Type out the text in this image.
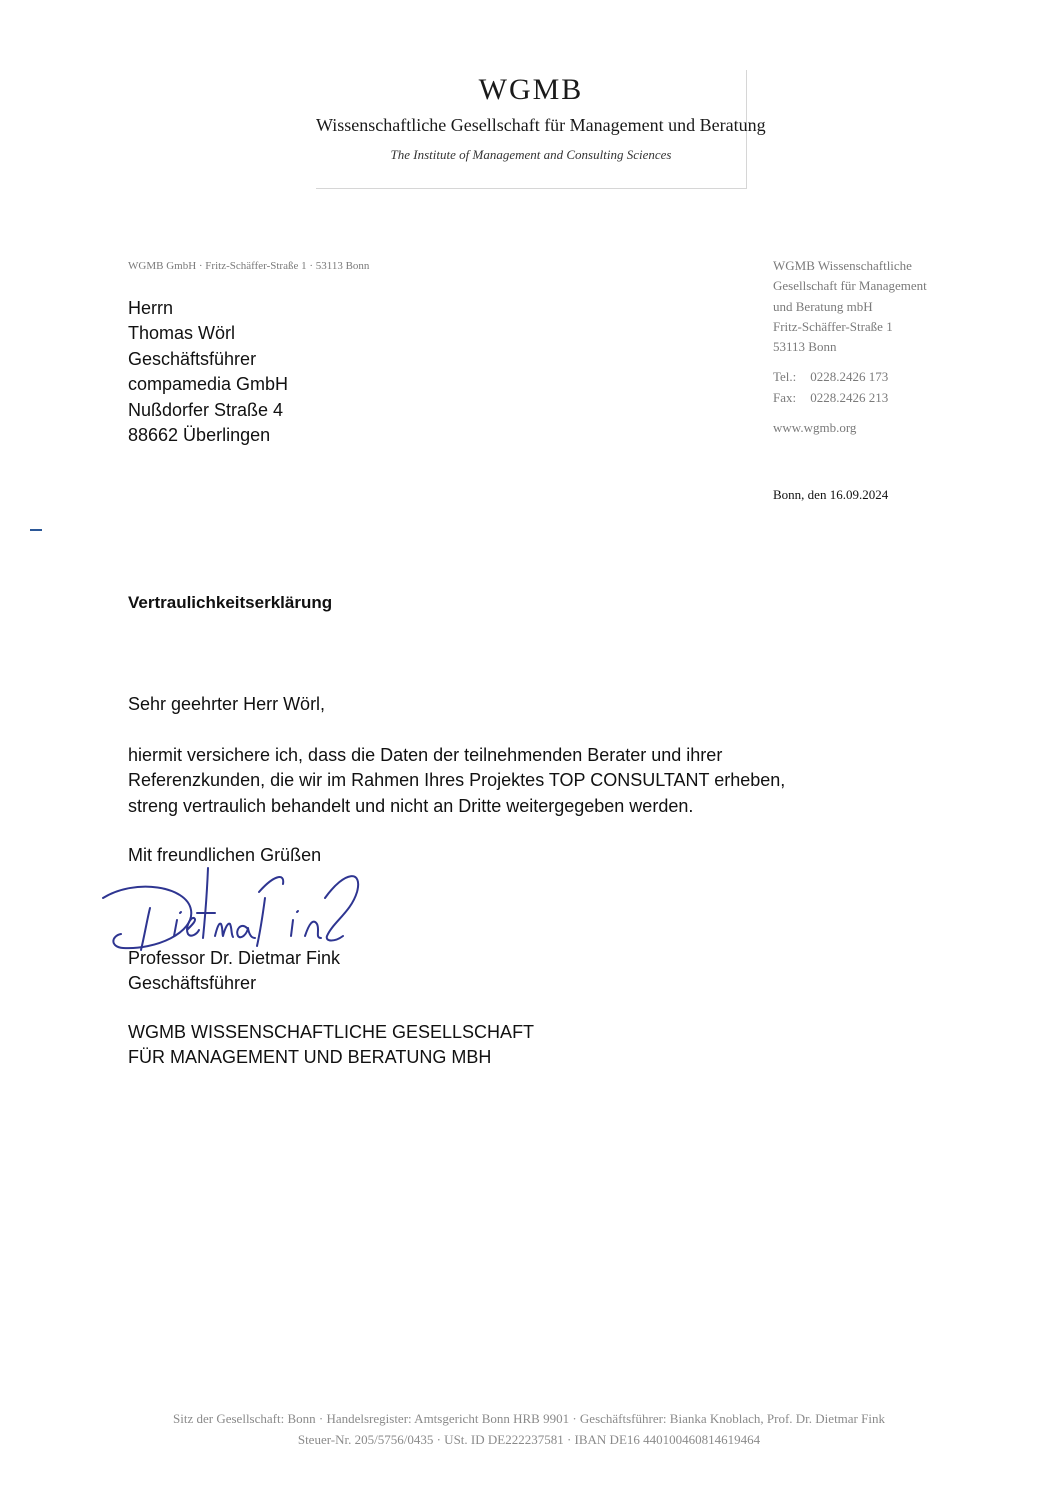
WGMB
Wissenschaftliche Gesellschaft für Management und Beratung
The Institute of Management and Consulting Sciences
WGMB GmbH · Fritz-Schäffer-Straße 1 · 53113 Bonn
Herrn
Thomas Wörl
Geschäftsführer
compamedia GmbH
Nußdorfer Straße 4
88662 Überlingen
WGMB Wissenschaftliche
Gesellschaft für Management
und Beratung mbH
Fritz-Schäffer-Straße 1
53113 Bonn
Tel.: 0228.2426 173
Fax: 0228.2426 213
www.wgmb.org
Bonn, den 16.09.2024
Vertraulichkeitserklärung
Sehr geehrter Herr Wörl,
hiermit versichere ich, dass die Daten der teilnehmenden Berater und ihrer
Referenzkunden, die wir im Rahmen Ihres Projektes TOP CONSULTANT erheben,
streng vertraulich behandelt und nicht an Dritte weitergegeben werden.
Mit freundlichen Grüßen
Professor Dr. Dietmar Fink
Geschäftsführer
WGMB WISSENSCHAFTLICHE GESELLSCHAFT
FÜR MANAGEMENT UND BERATUNG MBH
Sitz der Gesellschaft: Bonn · Handelsregister: Amtsgericht Bonn HRB 9901 · Geschäftsführer: Bianka Knoblach, Prof. Dr. Dietmar Fink
Steuer-Nr. 205/5756/0435 · USt. ID DE222237581 · IBAN DE16 440100460814619464
